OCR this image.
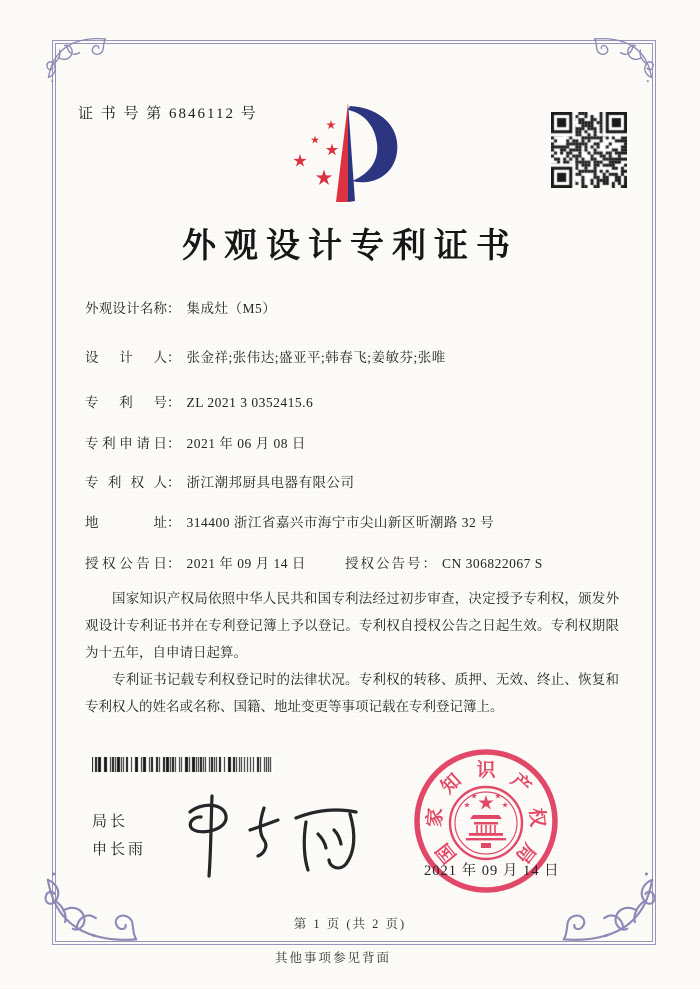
证 书 号 第 6846112 号
外观设计专利证书
外观设计名称： 集成灶（M5）
设计人： 张金祥;张伟达;盛亚平;韩春飞;姜敏芬;张唯
专利号： ZL 2021 3 0352415.6
专利申请日： 2021 年 06 月 08 日
专利权人： 浙江潮邦厨具电器有限公司
地址： 314400 浙江省嘉兴市海宁市尖山新区昕潮路 32 号
授权公告日： 2021 年 09 月 14 日	授权公告号： CN 306822067 S

国家知识产权局依照中华人民共和国专利法经过初步审查，决定授予专利权，颁发外观设计专利证书并在专利登记簿上予以登记。专利权自授权公告之日起生效。专利权期限为十五年，自申请日起算。

专利证书记载专利权登记时的法律状况。专利权的转移、质押、无效、终止、恢复和专利权人的姓名或名称、国籍、地址变更等事项记载在专利登记簿上。

局长
申长雨	国
家
知 识 产
权
局
2021 年 09 月 14 日
第 1 页 (共 2 页)
其他事项参见背面
